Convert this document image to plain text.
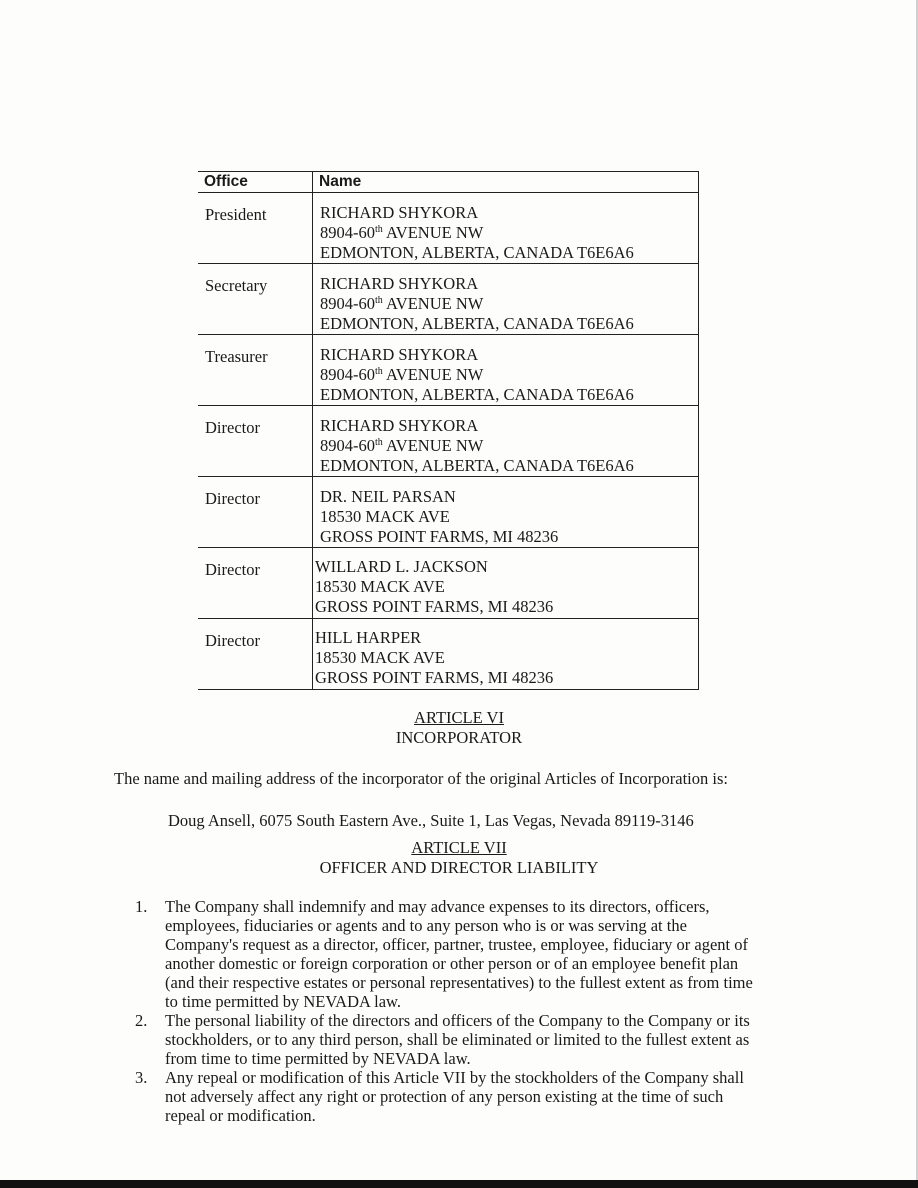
Office	Name
President	RICHARD SHYKORA
8904-60th AVENUE NW
EDMONTON, ALBERTA, CANADA T6E6A6

Secretary	RICHARD SHYKORA
8904-60th AVENUE NW
EDMONTON, ALBERTA, CANADA T6E6A6

Treasurer	RICHARD SHYKORA
8904-60th AVENUE NW
EDMONTON, ALBERTA, CANADA T6E6A6

Director	RICHARD SHYKORA
8904-60th AVENUE NW
EDMONTON, ALBERTA, CANADA T6E6A6

Director	DR. NEIL PARSAN
18530 MACK AVE
GROSS POINT FARMS, MI 48236

Director	WILLARD L. JACKSON
18530 MACK AVE
GROSS POINT FARMS, MI 48236

Director	HILL HARPER
18530 MACK AVE
GROSS POINT FARMS, MI 48236
ARTICLE VI
INCORPORATOR
The name and mailing address of the incorporator of the original Articles of Incorporation is:
Doug Ansell, 6075 South Eastern Ave., Suite 1, Las Vegas, Nevada 89119-3146
ARTICLE VII
OFFICER AND DIRECTOR LIABILITY
1. The Company shall indemnify and may advance expenses to its directors, officers,
employees, fiduciaries or agents and to any person who is or was serving at the
Company's request as a director, officer, partner, trustee, employee, fiduciary or agent of
another domestic or foreign corporation or other person or of an employee benefit plan
(and their respective estates or personal representatives) to the fullest extent as from time
to time permitted by NEVADA law.
2. The personal liability of the directors and officers of the Company to the Company or its
stockholders, or to any third person, shall be eliminated or limited to the fullest extent as
from time to time permitted by NEVADA law.
3. Any repeal or modification of this Article VII by the stockholders of the Company shall
not adversely affect any right or protection of any person existing at the time of such
repeal or modification.
